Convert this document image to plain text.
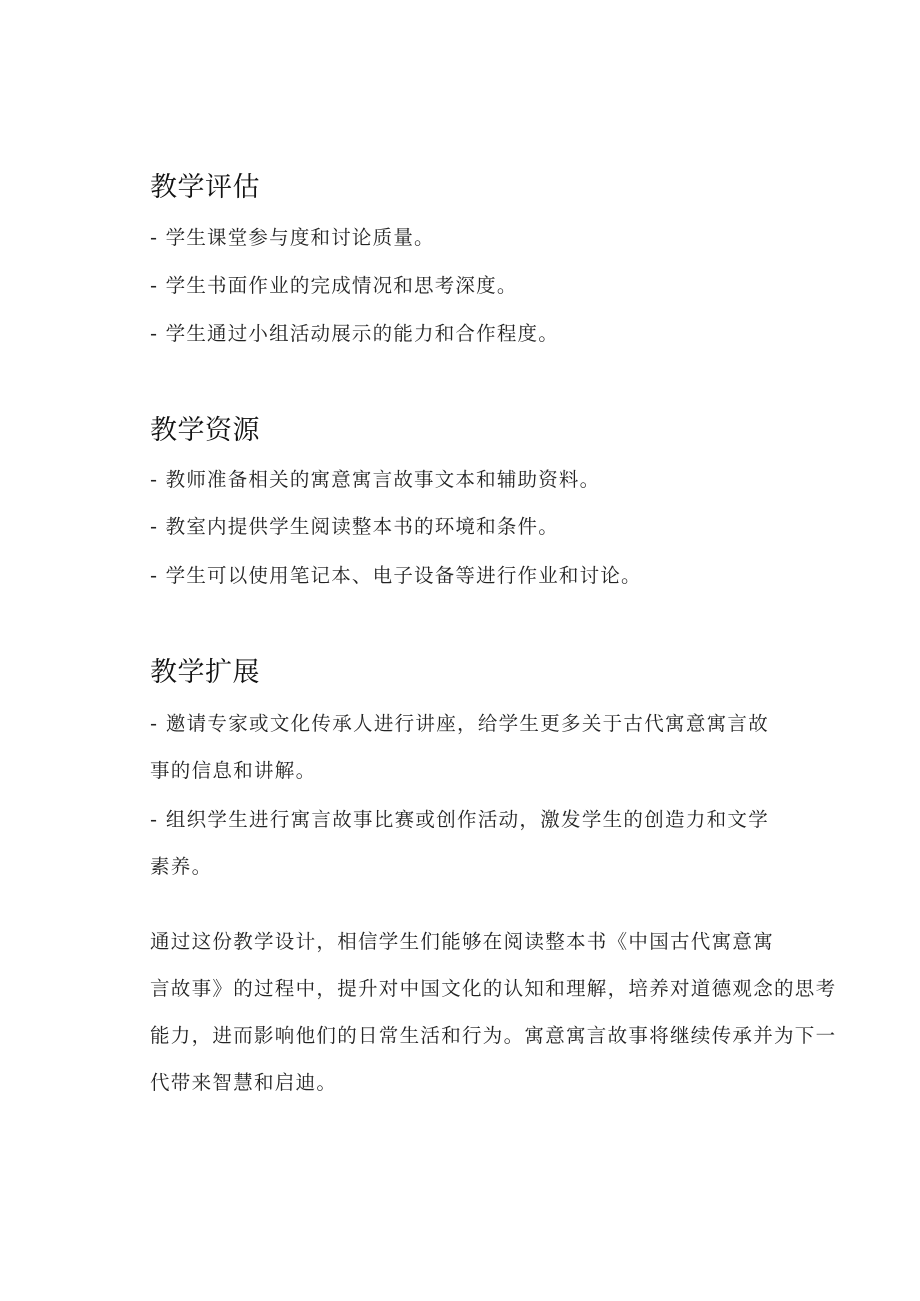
教学评估
- 学生课堂参与度和讨论质量。
- 学生书面作业的完成情况和思考深度。
- 学生通过小组活动展示的能力和合作程度。
教学资源
- 教师准备相关的寓意寓言故事文本和辅助资料。
- 教室内提供学生阅读整本书的环境和条件。
- 学生可以使用笔记本、电子设备等进行作业和讨论。
教学扩展
- 邀请专家或文化传承人进行讲座，给学生更多关于古代寓意寓言故
事的信息和讲解。
- 组织学生进行寓言故事比赛或创作活动，激发学生的创造力和文学
素养。
通过这份教学设计，相信学生们能够在阅读整本书《中国古代寓意寓
言故事》的过程中，提升对中国文化的认知和理解，培养对道德观念的思考
能力，进而影响他们的日常生活和行为。寓意寓言故事将继续传承并为下一
代带来智慧和启迪。
